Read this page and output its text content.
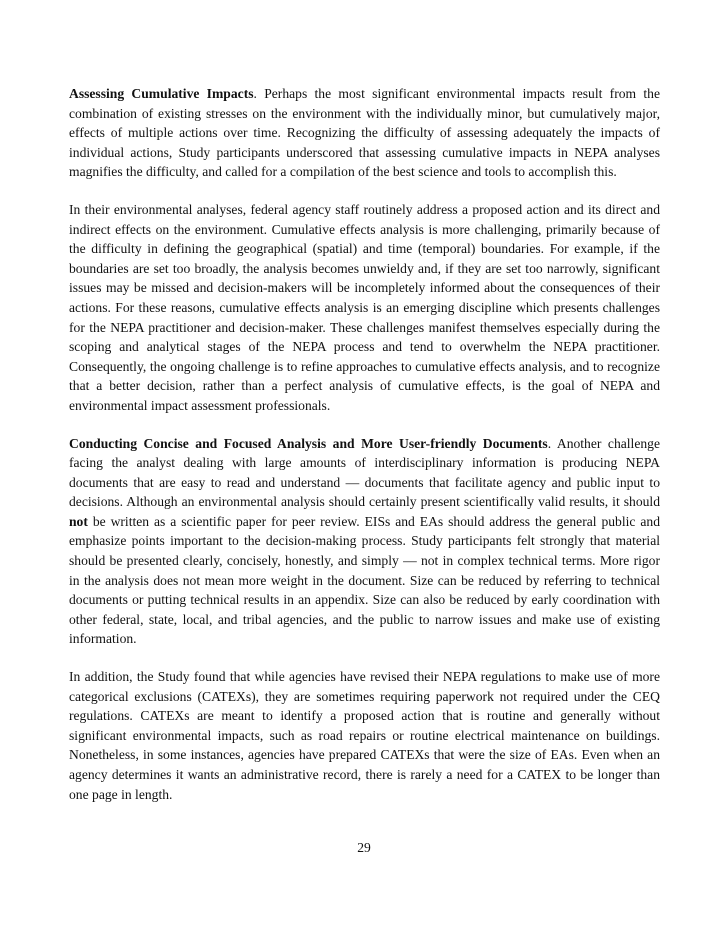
Assessing Cumulative Impacts. Perhaps the most significant environmental impacts result from the combination of existing stresses on the environment with the individually minor, but cumulatively major, effects of multiple actions over time. Recognizing the difficulty of assessing adequately the impacts of individual actions, Study participants underscored that assessing cumulative impacts in NEPA analyses magnifies the difficulty, and called for a compilation of the best science and tools to accomplish this.

In their environmental analyses, federal agency staff routinely address a proposed action and its direct and indirect effects on the environment. Cumulative effects analysis is more challenging, primarily because of the difficulty in defining the geographical (spatial) and time (temporal) boundaries. For example, if the boundaries are set too broadly, the analysis becomes unwieldy and, if they are set too narrowly, significant issues may be missed and decision-makers will be incompletely informed about the consequences of their actions. For these reasons, cumulative effects analysis is an emerging discipline which presents challenges for the NEPA practitioner and decision-maker. These challenges manifest themselves especially during the scoping and analytical stages of the NEPA process and tend to overwhelm the NEPA practitioner. Consequently, the ongoing challenge is to refine approaches to cumulative effects analysis, and to recognize that a better decision, rather than a perfect analysis of cumulative effects, is the goal of NEPA and environmental impact assessment professionals.

Conducting Concise and Focused Analysis and More User-friendly Documents. Another challenge facing the analyst dealing with large amounts of interdisciplinary information is producing NEPA documents that are easy to read and understand — documents that facilitate agency and public input to decisions. Although an environmental analysis should certainly present scientifically valid results, it should not be written as a scientific paper for peer review. EISs and EAs should address the general public and emphasize points important to the decision-making process. Study participants felt strongly that material should be presented clearly, concisely, honestly, and simply — not in complex technical terms. More rigor in the analysis does not mean more weight in the document. Size can be reduced by referring to technical documents or putting technical results in an appendix. Size can also be reduced by early coordination with other federal, state, local, and tribal agencies, and the public to narrow issues and make use of existing information.

In addition, the Study found that while agencies have revised their NEPA regulations to make use of more categorical exclusions (CATEXs), they are sometimes requiring paperwork not required under the CEQ regulations. CATEXs are meant to identify a proposed action that is routine and generally without significant environmental impacts, such as road repairs or routine electrical maintenance on buildings. Nonetheless, in some instances, agencies have prepared CATEXs that were the size of EAs. Even when an agency determines it wants an administrative record, there is rarely a need for a CATEX to be longer than one page in length.

29
